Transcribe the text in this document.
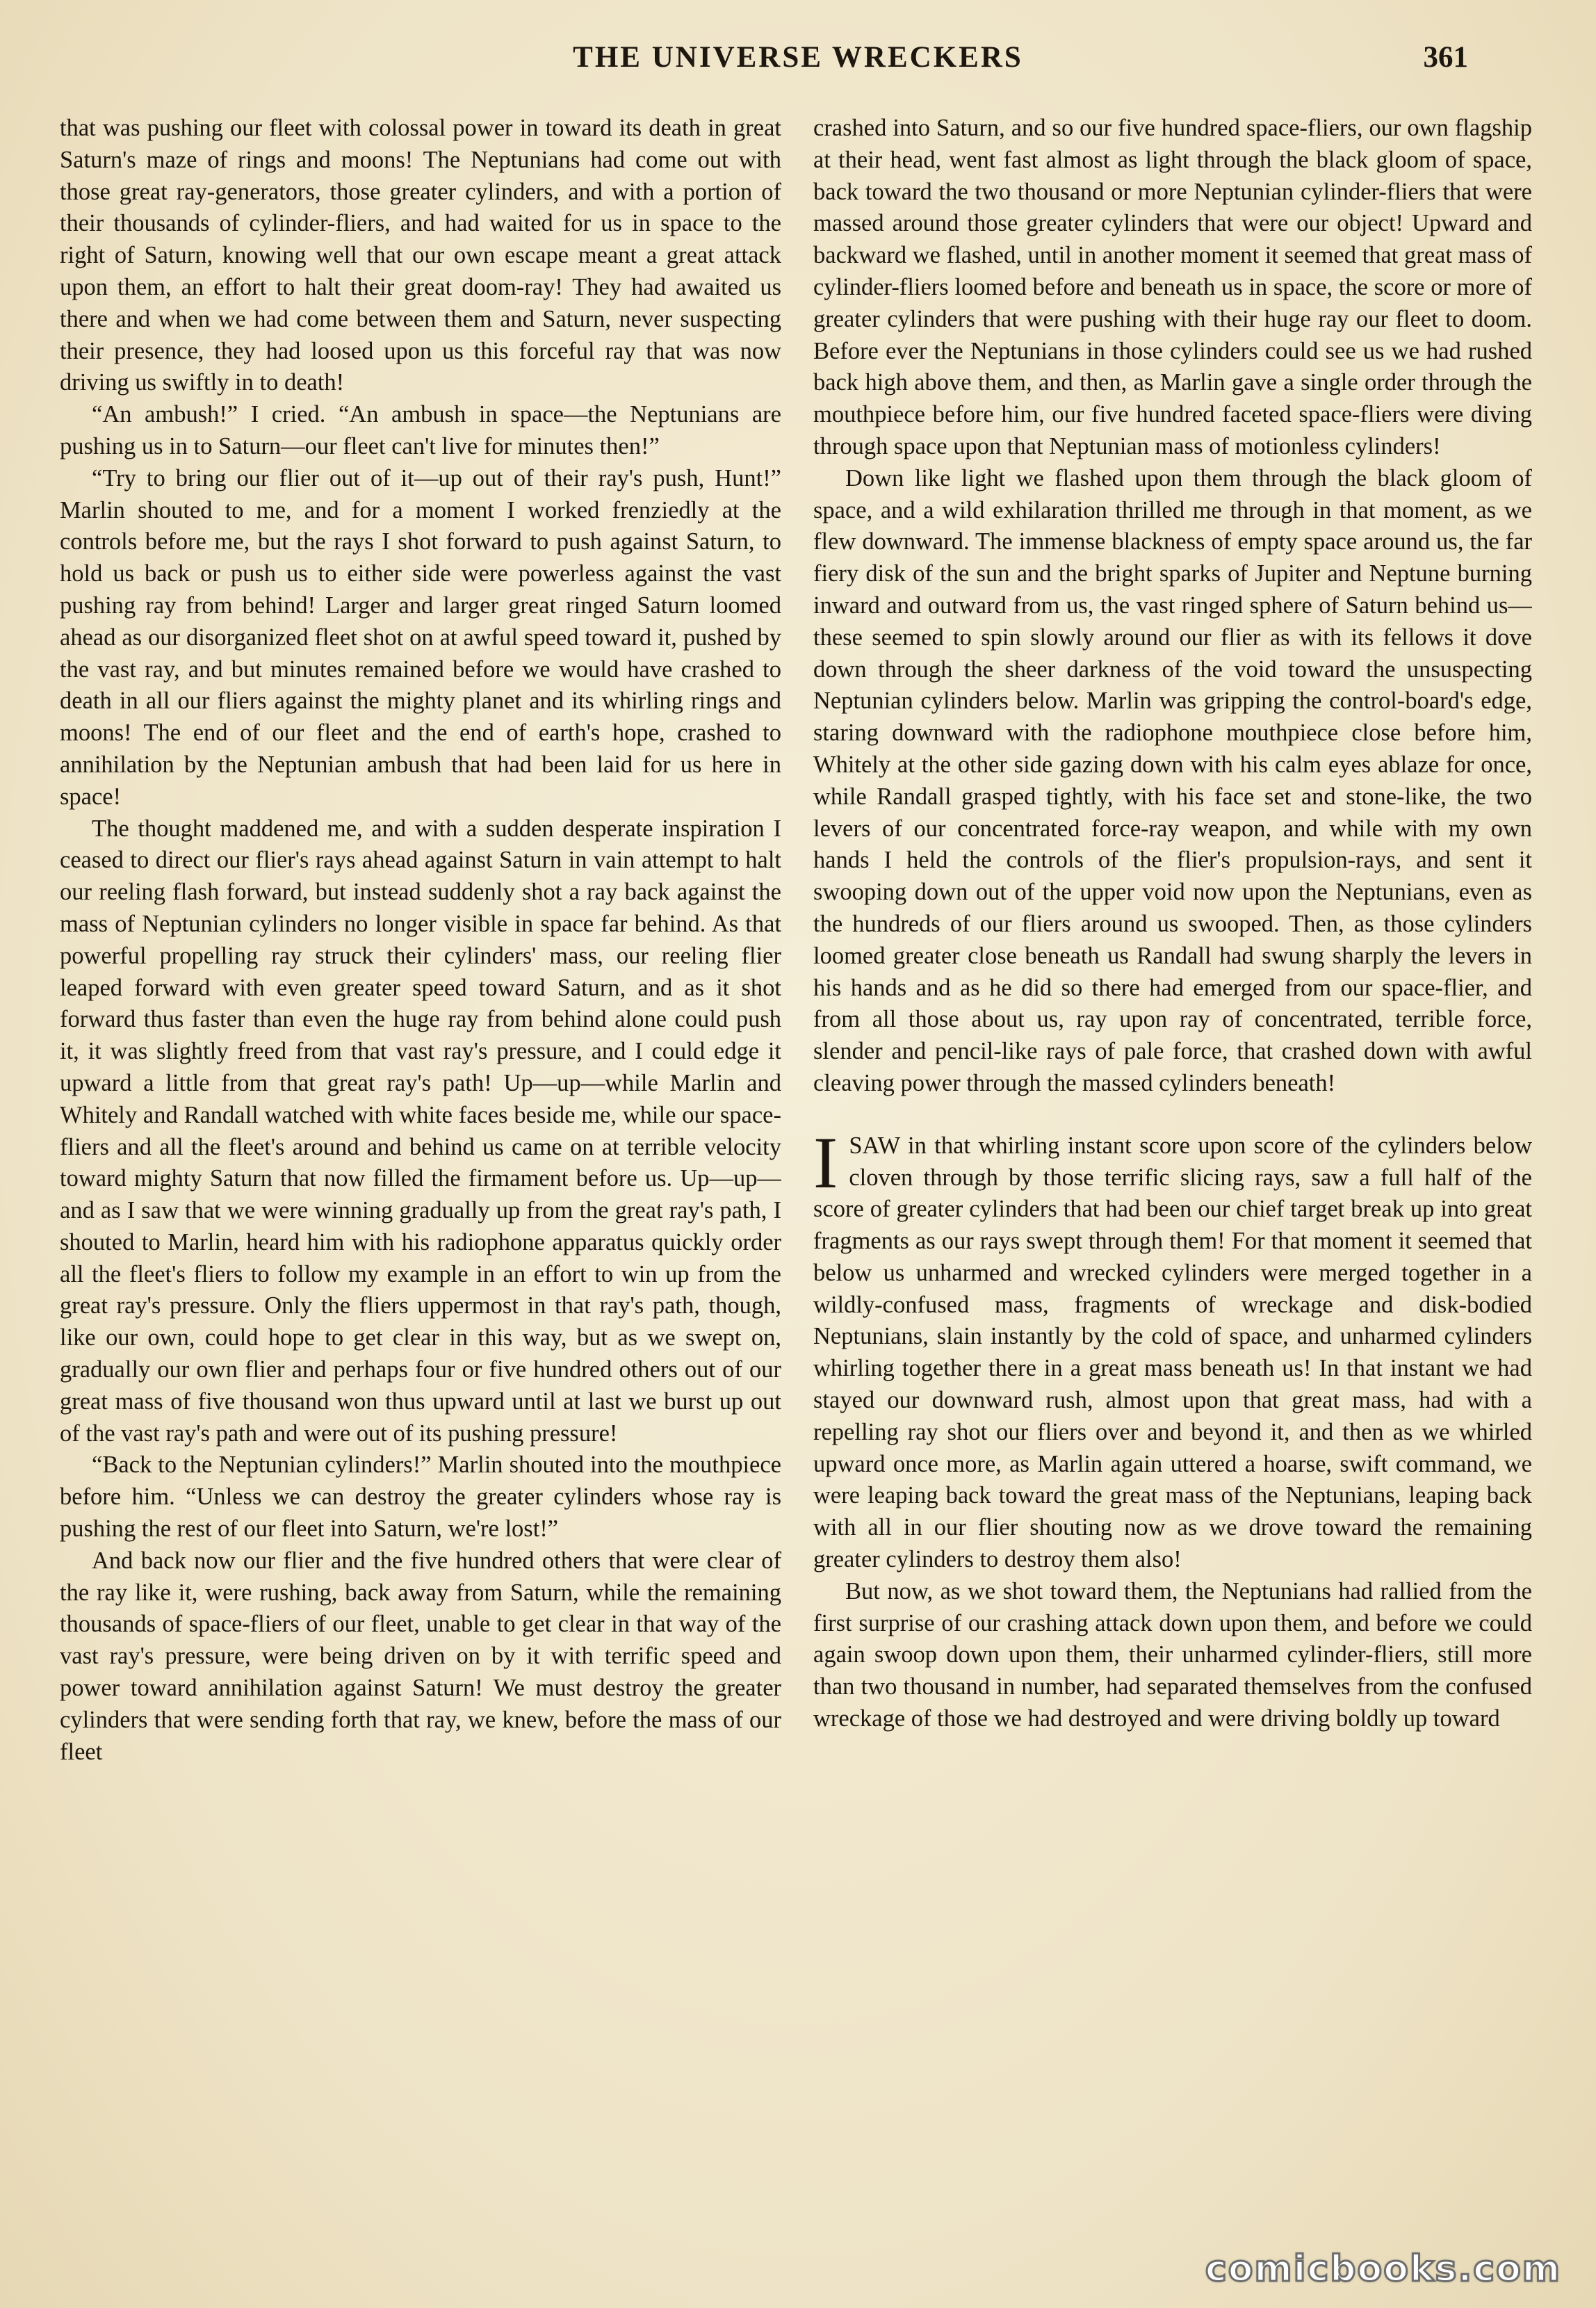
THE UNIVERSE WRECKERS	361

that was pushing our fleet with colossal power in toward its death in great Saturn's maze of rings and moons! The Neptunians had come out with those great ray-generators, those greater cylinders, and with a portion of their thousands of cylinder-fliers, and had waited for us in space to the right of Saturn, knowing well that our own escape meant a great attack upon them, an effort to halt their great doom-ray! They had awaited us there and when we had come between them and Saturn, never suspecting their presence, they had loosed upon us this forceful ray that was now driving us swiftly in to death!

“An ambush!” I cried. “An ambush in space—the Neptunians are pushing us in to Saturn—our fleet can't live for minutes then!”

“Try to bring our flier out of it—up out of their ray's push, Hunt!” Marlin shouted to me, and for a moment I worked frenziedly at the controls before me, but the rays I shot forward to push against Saturn, to hold us back or push us to either side were powerless against the vast pushing ray from behind! Larger and larger great ringed Saturn loomed ahead as our disorganized fleet shot on at awful speed toward it, pushed by the vast ray, and but minutes remained before we would have crashed to death in all our fliers against the mighty planet and its whirling rings and moons! The end of our fleet and the end of earth's hope, crashed to annihilation by the Neptunian ambush that had been laid for us here in space!

The thought maddened me, and with a sudden desperate inspiration I ceased to direct our flier's rays ahead against Saturn in vain attempt to halt our reeling flash forward, but instead suddenly shot a ray back against the mass of Neptunian cylinders no longer visible in space far behind. As that powerful propelling ray struck their cylinders' mass, our reeling flier leaped forward with even greater speed toward Saturn, and as it shot forward thus faster than even the huge ray from behind alone could push it, it was slightly freed from that vast ray's pressure, and I could edge it upward a little from that great ray's path! Up—up—while Marlin and Whitely and Randall watched with white faces beside me, while our space-fliers and all the fleet's around and behind us came on at terrible velocity toward mighty Saturn that now filled the firmament before us. Up—up—and as I saw that we were winning gradually up from the great ray's path, I shouted to Marlin, heard him with his radiophone apparatus quickly order all the fleet's fliers to follow my example in an effort to win up from the great ray's pressure. Only the fliers uppermost in that ray's path, though, like our own, could hope to get clear in this way, but as we swept on, gradually our own flier and perhaps four or five hundred others out of our great mass of five thousand won thus upward until at last we burst up out of the vast ray's path and were out of its pushing pressure!

“Back to the Neptunian cylinders!” Marlin shouted into the mouthpiece before him. “Unless we can destroy the greater cylinders whose ray is pushing the rest of our fleet into Saturn, we're lost!”

And back now our flier and the five hundred others that were clear of the ray like it, were rushing, back away from Saturn, while the remaining thousands of space-fliers of our fleet, unable to get clear in that way of the vast ray's pressure, were being driven on by it with terrific speed and power toward annihilation against Saturn! We must destroy the greater cylinders that were sending forth that ray, we knew, before the mass of our fleet

crashed into Saturn, and so our five hundred space-fliers, our own flagship at their head, went fast almost as light through the black gloom of space, back toward the two thousand or more Neptunian cylinder-fliers that were massed around those greater cylinders that were our object! Upward and backward we flashed, until in another moment it seemed that great mass of cylinder-fliers loomed before and beneath us in space, the score or more of greater cylinders that were pushing with their huge ray our fleet to doom. Before ever the Neptunians in those cylinders could see us we had rushed back high above them, and then, as Marlin gave a single order through the mouthpiece before him, our five hundred faceted space-fliers were diving through space upon that Neptunian mass of motionless cylinders!

Down like light we flashed upon them through the black gloom of space, and a wild exhilaration thrilled me through in that moment, as we flew downward. The immense blackness of empty space around us, the far fiery disk of the sun and the bright sparks of Jupiter and Neptune burning inward and outward from us, the vast ringed sphere of Saturn behind us—these seemed to spin slowly around our flier as with its fellows it dove down through the sheer darkness of the void toward the unsuspecting Neptunian cylinders below. Marlin was gripping the control-board's edge, staring downward with the radiophone mouthpiece close before him, Whitely at the other side gazing down with his calm eyes ablaze for once, while Randall grasped tightly, with his face set and stone-like, the two levers of our concentrated force-ray weapon, and while with my own hands I held the controls of the flier's propulsion-rays, and sent it swooping down out of the upper void now upon the Neptunians, even as the hundreds of our fliers around us swooped. Then, as those cylinders loomed greater close beneath us Randall had swung sharply the levers in his hands and as he did so there had emerged from our space-flier, and from all those about us, ray upon ray of concentrated, terrible force, slender and pencil-like rays of pale force, that crashed down with awful cleaving power through the massed cylinders beneath!

ISAW in that whirling instant score upon score of the cylinders below cloven through by those terrific slicing rays, saw a full half of the score of greater cylinders that had been our chief target break up into great fragments as our rays swept through them! For that moment it seemed that below us unharmed and wrecked cylinders were merged together in a wildly-confused mass, fragments of wreckage and disk-bodied Neptunians, slain instantly by the cold of space, and unharmed cylinders whirling together there in a great mass beneath us! In that instant we had stayed our downward rush, almost upon that great mass, had with a repelling ray shot our fliers over and beyond it, and then as we whirled upward once more, as Marlin again uttered a hoarse, swift command, we were leaping back toward the great mass of the Neptunians, leaping back with all in our flier shouting now as we drove toward the remaining greater cylinders to destroy them also!

But now, as we shot toward them, the Neptunians had rallied from the first surprise of our crashing attack down upon them, and before we could again swoop down upon them, their unharmed cylinder-fliers, still more than two thousand in number, had separated themselves from the confused wreckage of those we had destroyed and were driving boldly up toward

comicbooks.com
